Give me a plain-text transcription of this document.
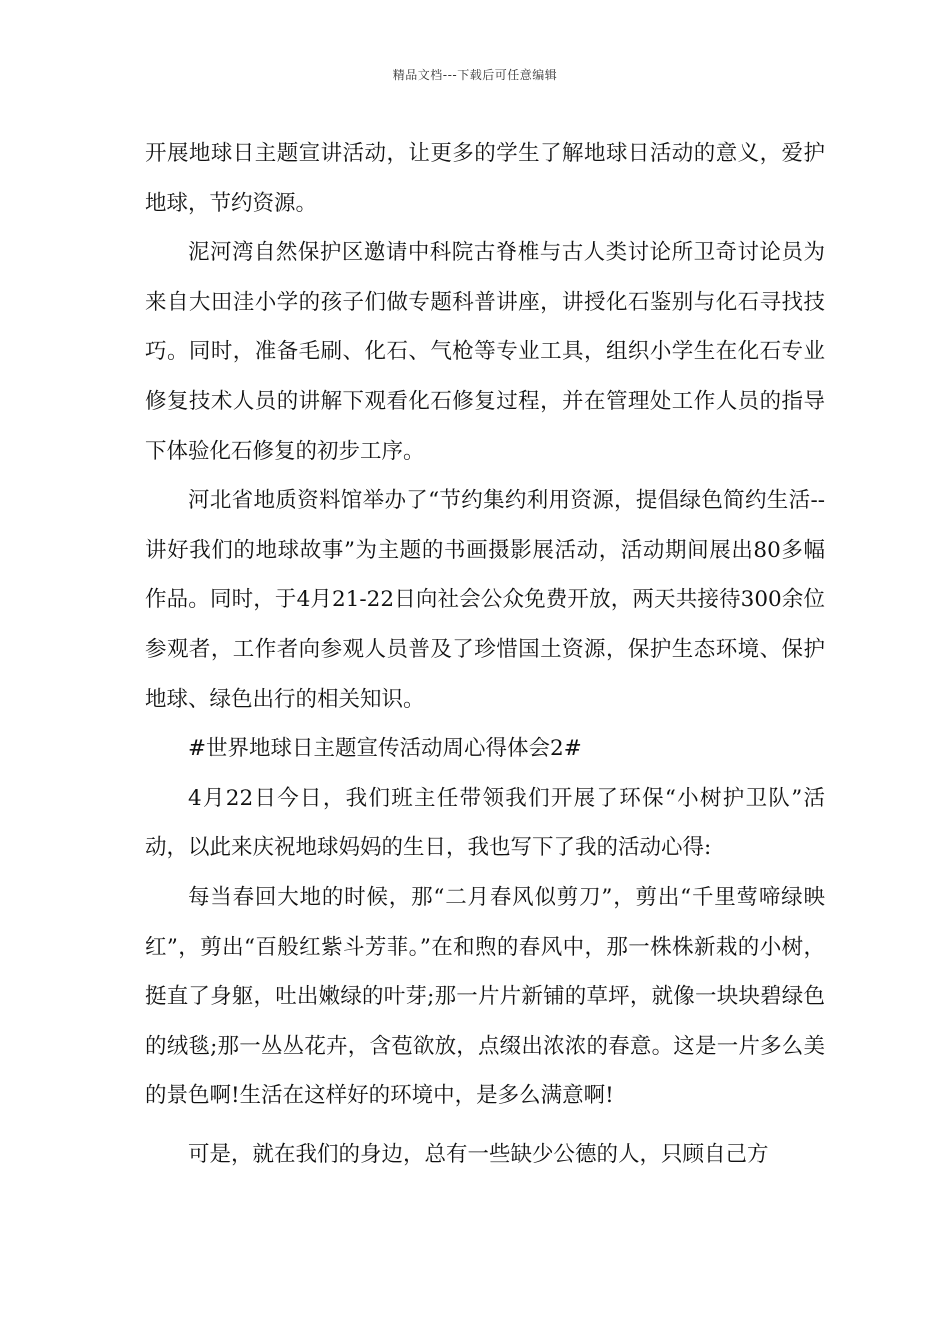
精品文档---下载后可任意编辑

开展地球日主题宣讲活动，让更多的学生了解地球日活动的意义，爱护地球，节约资源。

泥河湾自然保护区邀请中科院古脊椎与古人类讨论所卫奇讨论员为来自大田洼小学的孩子们做专题科普讲座，讲授化石鉴别与化石寻找技巧。同时，准备毛刷、化石、气枪等专业工具，组织小学生在化石专业修复技术人员的讲解下观看化石修复过程，并在管理处工作人员的指导下体验化石修复的初步工序。

河北省地质资料馆举办了“节约集约利用资源，提倡绿色简约生活--讲好我们的地球故事”为主题的书画摄影展活动，活动期间展出80多幅作品。同时，于4月21-22日向社会公众免费开放，两天共接待300余位参观者，工作者向参观人员普及了珍惜国土资源，保护生态环境、保护地球、绿色出行的相关知识。

#世界地球日主题宣传活动周心得体会2#

4月22日今日，我们班主任带领我们开展了环保“小树护卫队”活动，以此来庆祝地球妈妈的生日，我也写下了我的活动心得:

每当春回大地的时候，那“二月春风似剪刀”，剪出“千里莺啼绿映红”，剪出“百般红紫斗芳菲。”在和煦的春风中，那一株株新栽的小树，挺直了身躯，吐出嫩绿的叶芽;那一片片新铺的草坪，就像一块块碧绿色的绒毯;那一丛丛花卉，含苞欲放，点缀出浓浓的春意。这是一片多么美的景色啊!生活在这样好的环境中，是多么满意啊!

可是，就在我们的身边，总有一些缺少公德的人，只顾自己方
